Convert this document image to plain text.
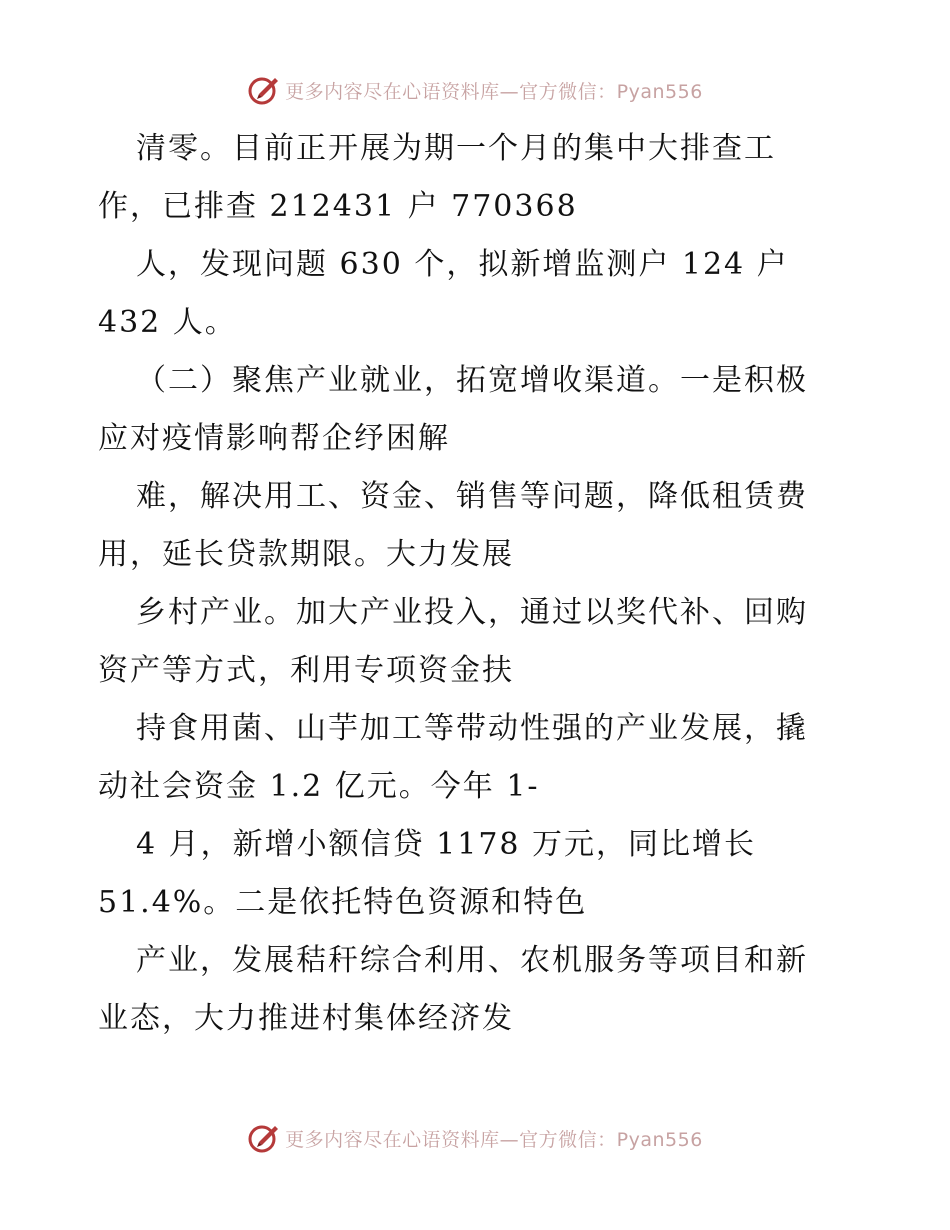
更多内容尽在心语资料库—官方微信：Pyan556
清零。目前正开展为期一个月的集中大排查工
作，已排查 212431 户 770368
人，发现问题 630 个，拟新增监测户 124 户
432 人。
（二）聚焦产业就业，拓宽增收渠道。一是积极
应对疫情影响帮企纾困解
难，解决用工、资金、销售等问题，降低租赁费
用，延长贷款期限。大力发展
乡村产业。加大产业投入，通过以奖代补、回购
资产等方式，利用专项资金扶
持食用菌、山芋加工等带动性强的产业发展，撬
动社会资金 1.2 亿元。今年 1-
4 月，新增小额信贷 1178 万元，同比增长
51.4%。二是依托特色资源和特色
产业，发展秸秆综合利用、农机服务等项目和新
业态，大力推进村集体经济发
更多内容尽在心语资料库—官方微信：Pyan556
